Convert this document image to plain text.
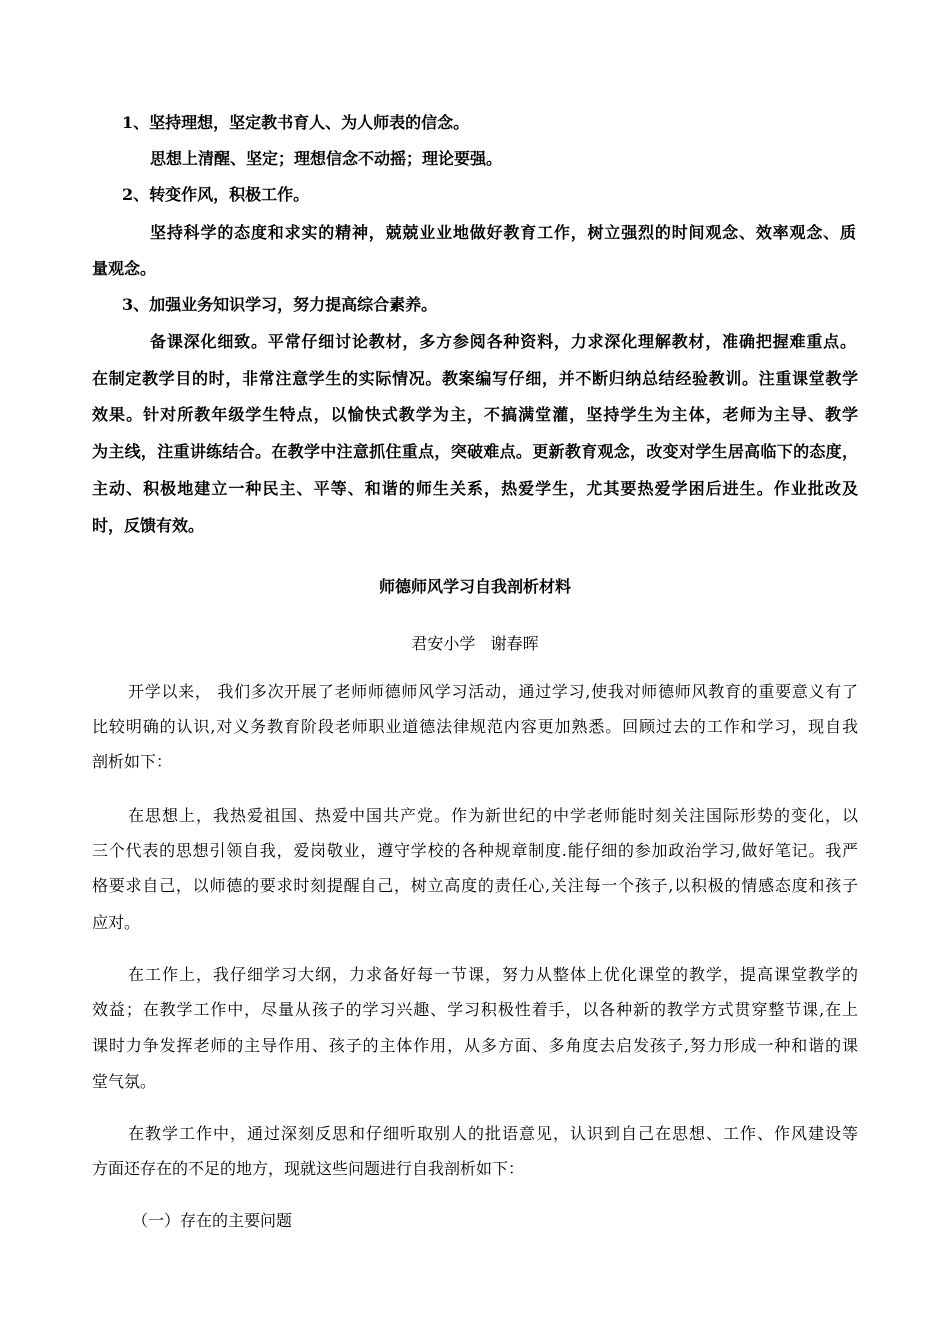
1、坚持理想，坚定教书育人、为人师表的信念。
思想上清醒、坚定；理想信念不动摇；理论要强。
2、转变作风，积极工作。
坚持科学的态度和求实的精神，兢兢业业地做好教育工作，树立强烈的时间观念、效率观念、质
量观念。
3、加强业务知识学习，努力提高综合素养。
备课深化细致。平常仔细讨论教材，多方参阅各种资料，力求深化理解教材，准确把握难重点。
在制定教学目的时，非常注意学生的实际情况。教案编写仔细，并不断归纳总结经验教训。注重课堂教学
效果。针对所教年级学生特点，以愉快式教学为主，不搞满堂灌，坚持学生为主体，老师为主导、教学
为主线，注重讲练结合。在教学中注意抓住重点，突破难点。更新教育观念，改变对学生居高临下的态度，
主动、积极地建立一种民主、平等、和谐的师生关系，热爱学生，尤其要热爱学困后进生。作业批改及
时，反馈有效。
师德师风学习自我剖析材料
君安小学   谢春晖
开学以来， 我们多次开展了老师师德师风学习活动，通过学习,使我对师德师风教育的重要意义有了
比较明确的认识,对义务教育阶段老师职业道德法律规范内容更加熟悉。回顾过去的工作和学习，现自我
剖析如下：
在思想上，我热爱祖国、热爱中国共产党。作为新世纪的中学老师能时刻关注国际形势的变化，以
三个代表的思想引领自我，爱岗敬业，遵守学校的各种规章制度.能仔细的参加政治学习,做好笔记。我严
格要求自己，以师德的要求时刻提醒自己，树立高度的责任心,关注每一个孩子,以积极的情感态度和孩子
应对。
在工作上，我仔细学习大纲，力求备好每一节课，努力从整体上优化课堂的教学，提高课堂教学的
效益；在教学工作中，尽量从孩子的学习兴趣、学习积极性着手，以各种新的教学方式贯穿整节课,在上
课时力争发挥老师的主导作用、孩子的主体作用，从多方面、多角度去启发孩子,努力形成一种和谐的课
堂气氛。
在教学工作中，通过深刻反思和仔细听取别人的批语意见，认识到自己在思想、工作、作风建设等
方面还存在的不足的地方，现就这些问题进行自我剖析如下：
（一）存在的主要问题
